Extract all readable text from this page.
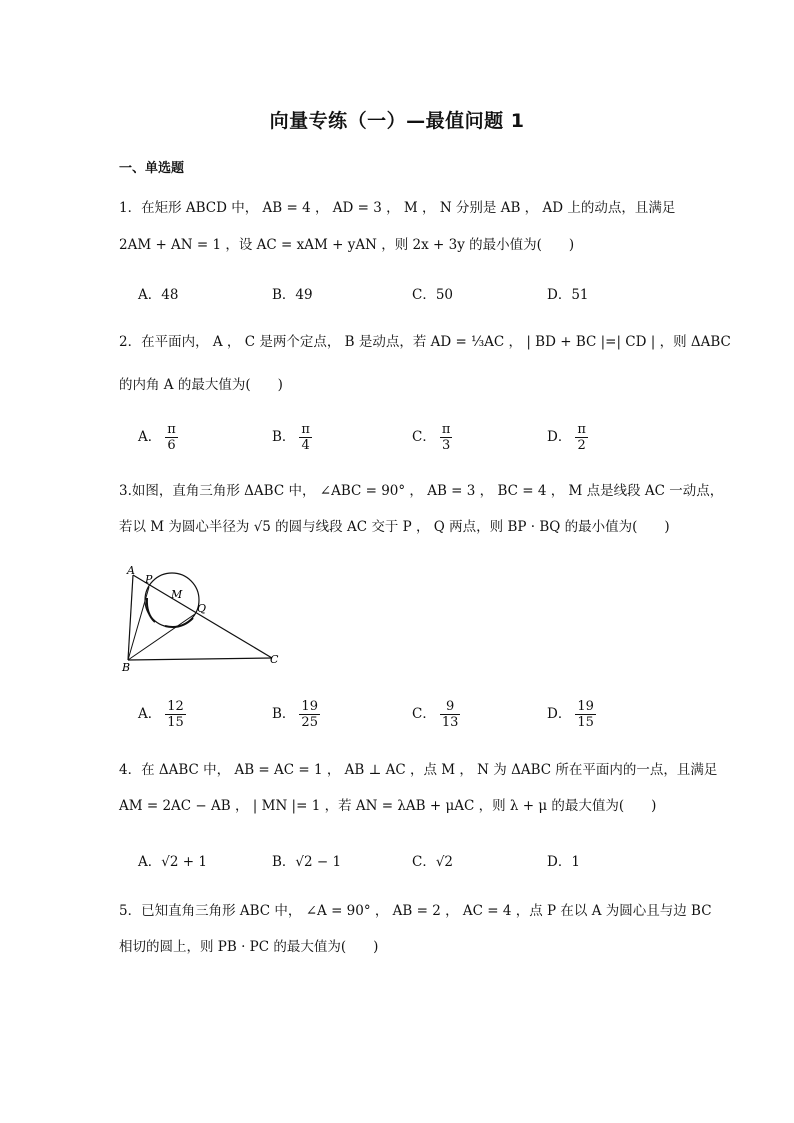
向量专练（一）—最值问题 1
一、单选题
1．在矩形 ABCD 中， AB = 4 ， AD = 3 ， M ， N 分别是 AB ， AD 上的动点，且满足
2AM + AN = 1 ，设 AC = xAM + yAN ，则 2x + 3y 的最小值为(　　)
A．48	B．49	C．50	D．51
2．在平面内， A ， C 是两个定点， B 是动点，若 AD = ⅓AC ， | BD + BC |=| CD | ，则 ΔABC
的内角 A 的最大值为(　　)
A． $\frac{\pi}{6}$	B． $\frac{\pi}{4}$	C． $\frac{\pi}{3}$	D． $\frac{\pi}{2}$
3.如图，直角三角形 ΔABC 中， ∠ABC = 90° ， AB = 3 ， BC = 4 ， M 点是线段 AC 一动点，
若以 M 为圆心半径为 √5 的圆与线段 AC 交于 P ， Q 两点，则 BP · BQ 的最小值为(　　)
A
P
M
Q
B
C
A． $\frac{12}{15}$	B． $\frac{19}{25}$	C． $\frac{9}{13}$	D． $\frac{19}{15}$
4．在 ΔABC 中， AB = AC = 1 ， AB ⊥ AC ，点 M ， N 为 ΔABC 所在平面内的一点，且满足
AM = 2AC − AB ， | MN |= 1 ，若 AN = λAB + μAC ，则 λ + μ 的最大值为(　　)
A．√2 + 1	B．√2 − 1	C．√2	D．1
5．已知直角三角形 ABC 中， ∠A = 90° ， AB = 2 ， AC = 4 ，点 P 在以 A 为圆心且与边 BC
相切的圆上，则 PB · PC 的最大值为(　　)
